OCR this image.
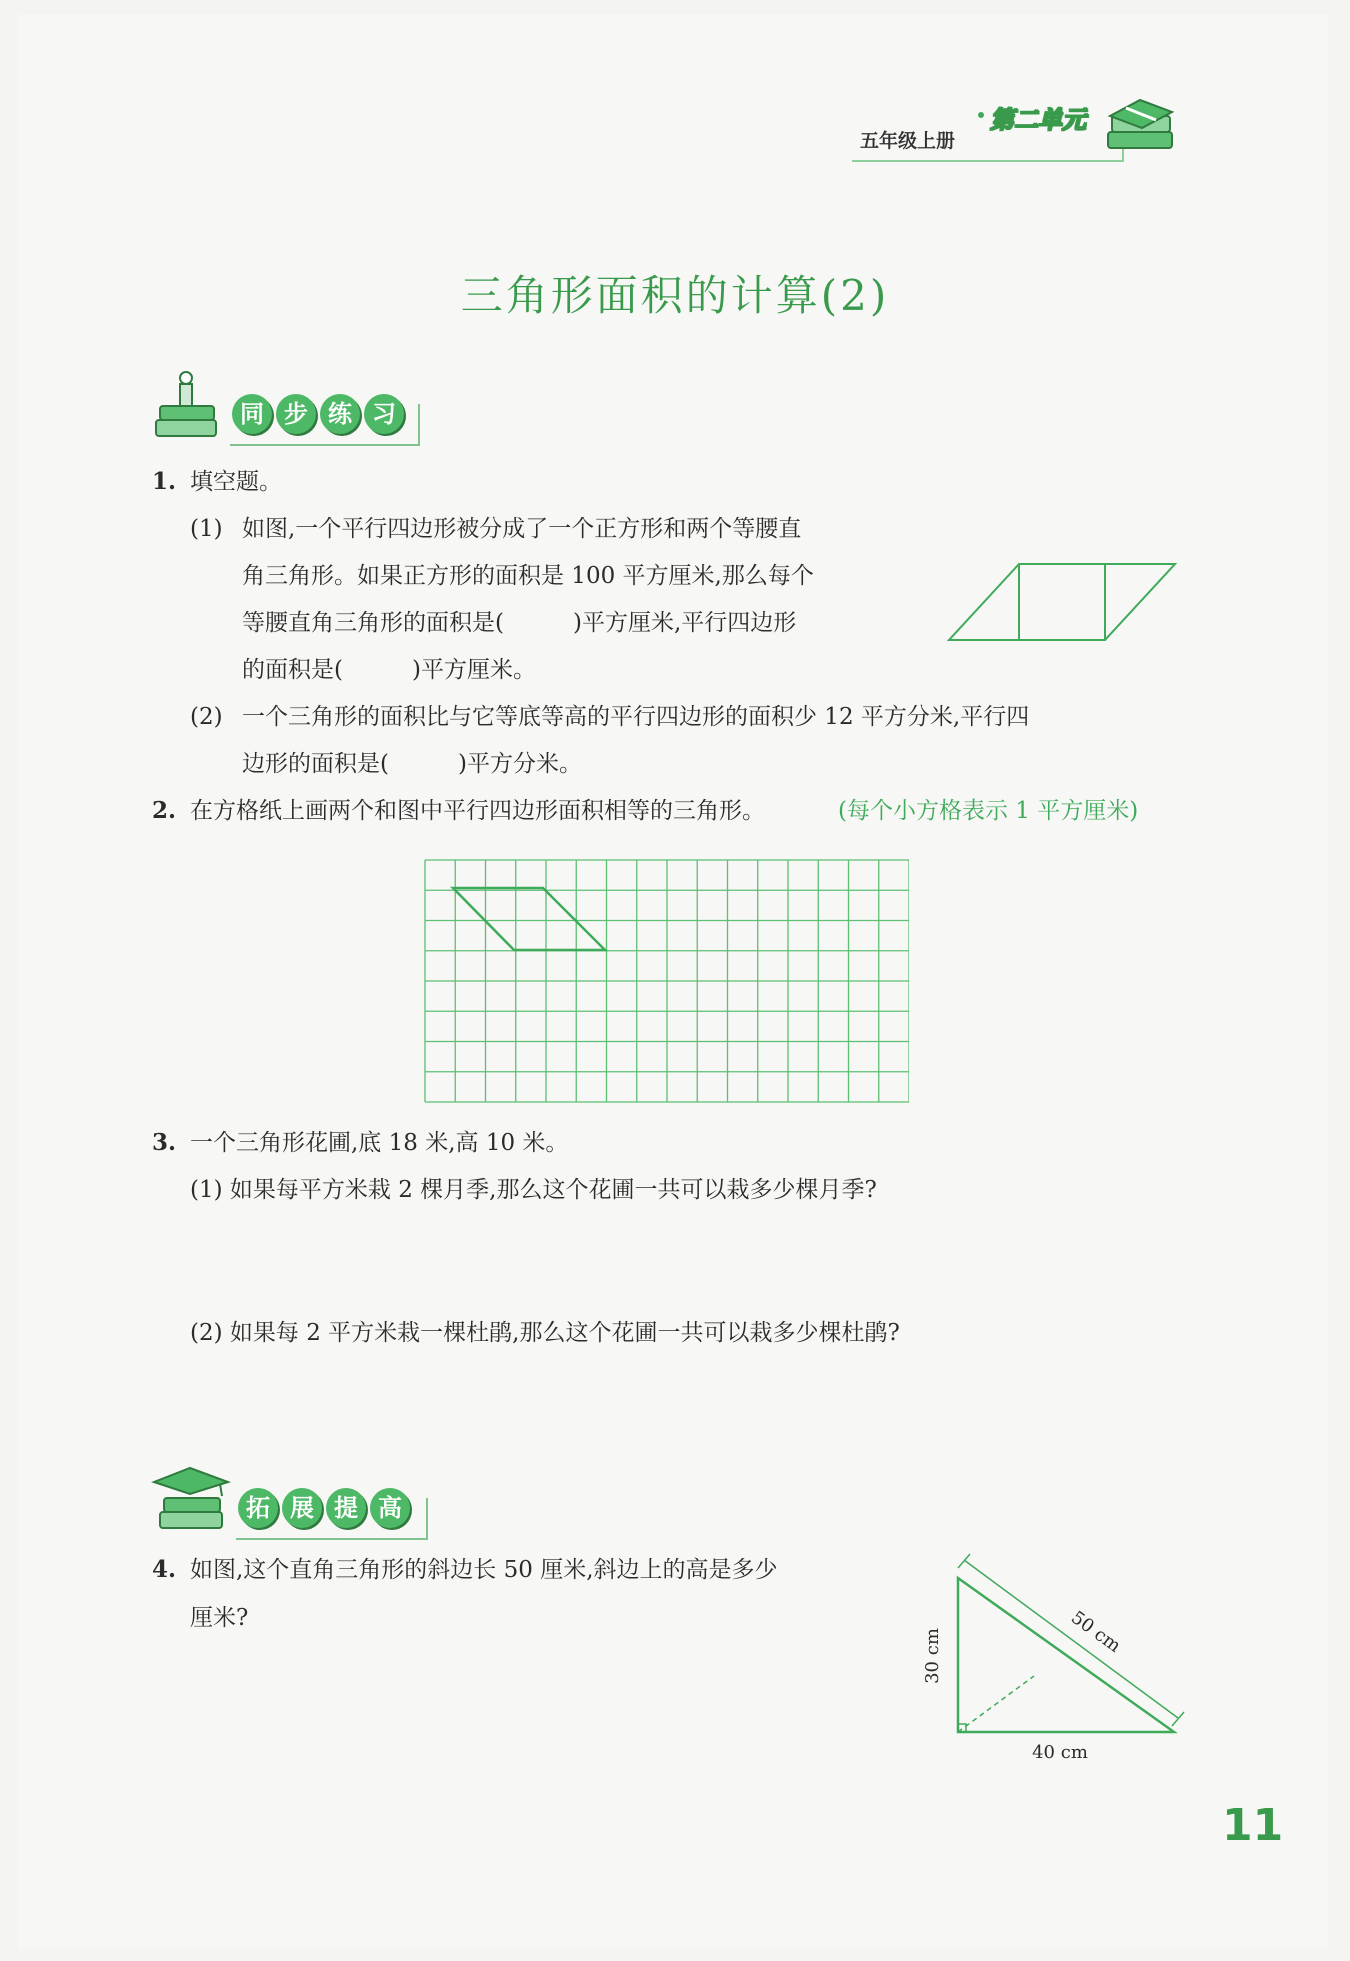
五年级上册
第二单元
三角形面积的计算(2)
同 步 练 习
1. 填空题。
(1) 如图,一个平行四边形被分成了一个正方形和两个等腰直
角三角形。如果正方形的面积是 100 平方厘米,那么每个
等腰直角三角形的面积是(　　　)平方厘米,平行四边形
的面积是(　　　)平方厘米。
(2) 一个三角形的面积比与它等底等高的平行四边形的面积少 12 平方分米,平行四
边形的面积是(　　　)平方分米。
2. 在方格纸上画两个和图中平行四边形面积相等的三角形。	(每个小方格表示 1 平方厘米)
3. 一个三角形花圃,底 18 米,高 10 米。
(1) 如果每平方米栽 2 棵月季,那么这个花圃一共可以栽多少棵月季?
(2) 如果每 2 平方米栽一棵杜鹃,那么这个花圃一共可以栽多少棵杜鹃?
拓 展 提 高
4. 如图,这个直角三角形的斜边长 50 厘米,斜边上的高是多少
厘米?
30 cm
40 cm
50 cm
11
